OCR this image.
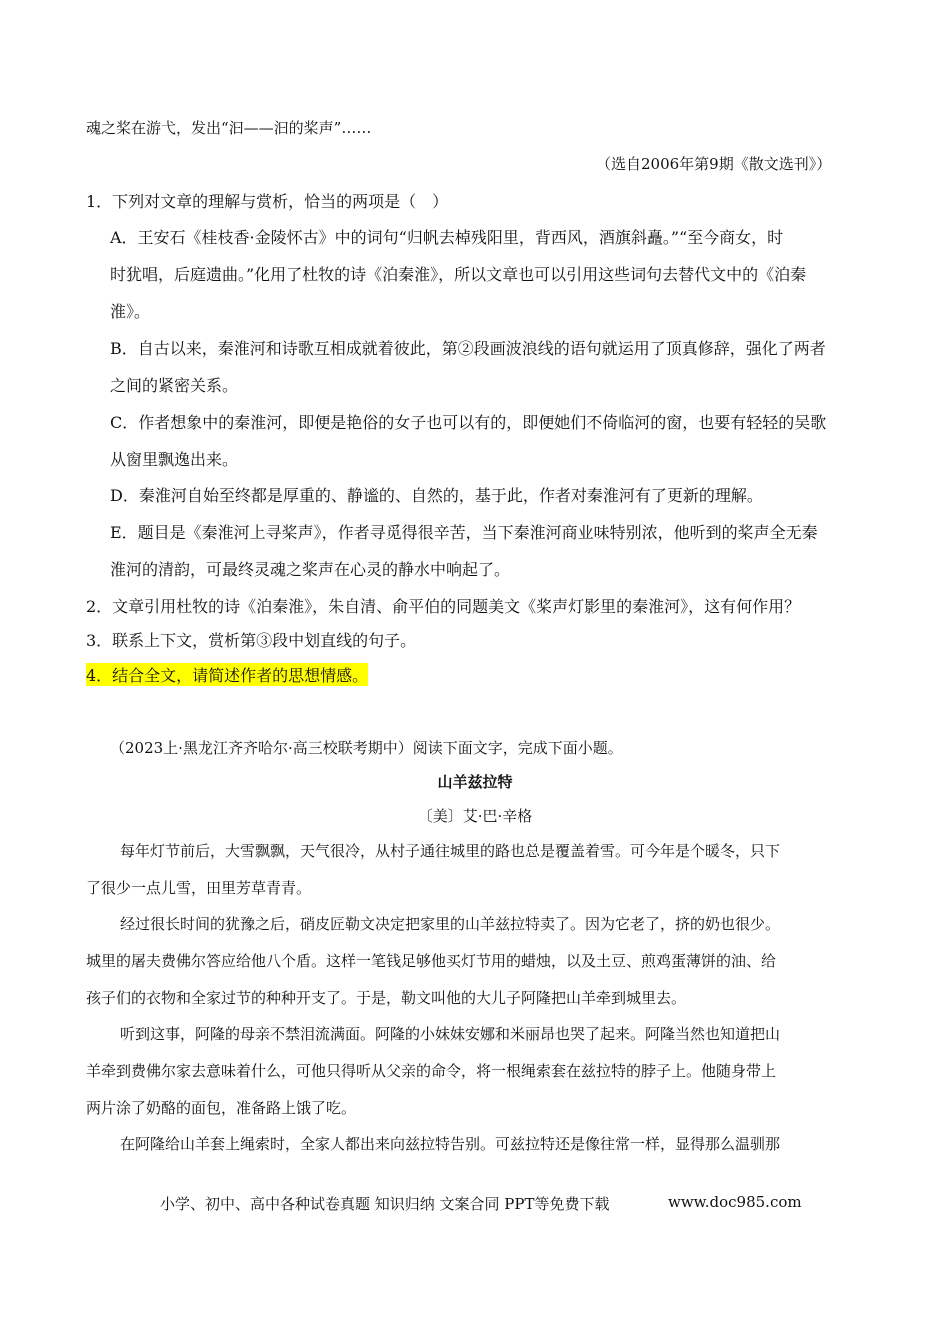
魂之桨在游弋，发出“汩——汩的桨声”……
（选自2006年第9期《散文选刊》）
1．下列对文章的理解与赏析，恰当的两项是（　）
A．王安石《桂枝香·金陵怀古》中的词句“归帆去棹残阳里，背西风，酒旗斜矗。”“至今商女，时
时犹唱，后庭遗曲。”化用了杜牧的诗《泊秦淮》，所以文章也可以引用这些词句去替代文中的《泊秦
淮》。
B．自古以来，秦淮河和诗歌互相成就着彼此，第②段画波浪线的语句就运用了顶真修辞，强化了两者
之间的紧密关系。
C．作者想象中的秦淮河，即便是艳俗的女子也可以有的，即便她们不倚临河的窗，也要有轻轻的吴歌
从窗里飘逸出来。
D．秦淮河自始至终都是厚重的、静谧的、自然的，基于此，作者对秦淮河有了更新的理解。
E．题目是《秦淮河上寻桨声》，作者寻觅得很辛苦，当下秦淮河商业味特别浓，他听到的桨声全无秦
淮河的清韵，可最终灵魂之桨声在心灵的静水中响起了。
2．文章引用杜牧的诗《泊秦淮》，朱自清、俞平伯的同题美文《桨声灯影里的秦淮河》，这有何作用？
3．联系上下文，赏析第③段中划直线的句子。
4．结合全文，请简述作者的思想情感。
（2023上·黑龙江齐齐哈尔·高三校联考期中）阅读下面文字，完成下面小题。
山羊兹拉特
〔美〕艾·巴·辛格
每年灯节前后，大雪飘飘，天气很冷，从村子通往城里的路也总是覆盖着雪。可今年是个暖冬，只下
了很少一点儿雪，田里芳草青青。
经过很长时间的犹豫之后，硝皮匠勒文决定把家里的山羊兹拉特卖了。因为它老了，挤的奶也很少。
城里的屠夫费佛尔答应给他八个盾。这样一笔钱足够他买灯节用的蜡烛，以及土豆、煎鸡蛋薄饼的油、给
孩子们的衣物和全家过节的种种开支了。于是，勒文叫他的大儿子阿隆把山羊牵到城里去。
听到这事，阿隆的母亲不禁泪流满面。阿隆的小妹妹安娜和米丽昂也哭了起来。阿隆当然也知道把山
羊牵到费佛尔家去意味着什么，可他只得听从父亲的命令，将一根绳索套在兹拉特的脖子上。他随身带上
两片涂了奶酪的面包，准备路上饿了吃。
在阿隆给山羊套上绳索时，全家人都出来向兹拉特告别。可兹拉特还是像往常一样，显得那么温驯那
小学、初中、高中各种试卷真题 知识归纳 文案合同 PPT等免费下载	www.doc985.com
